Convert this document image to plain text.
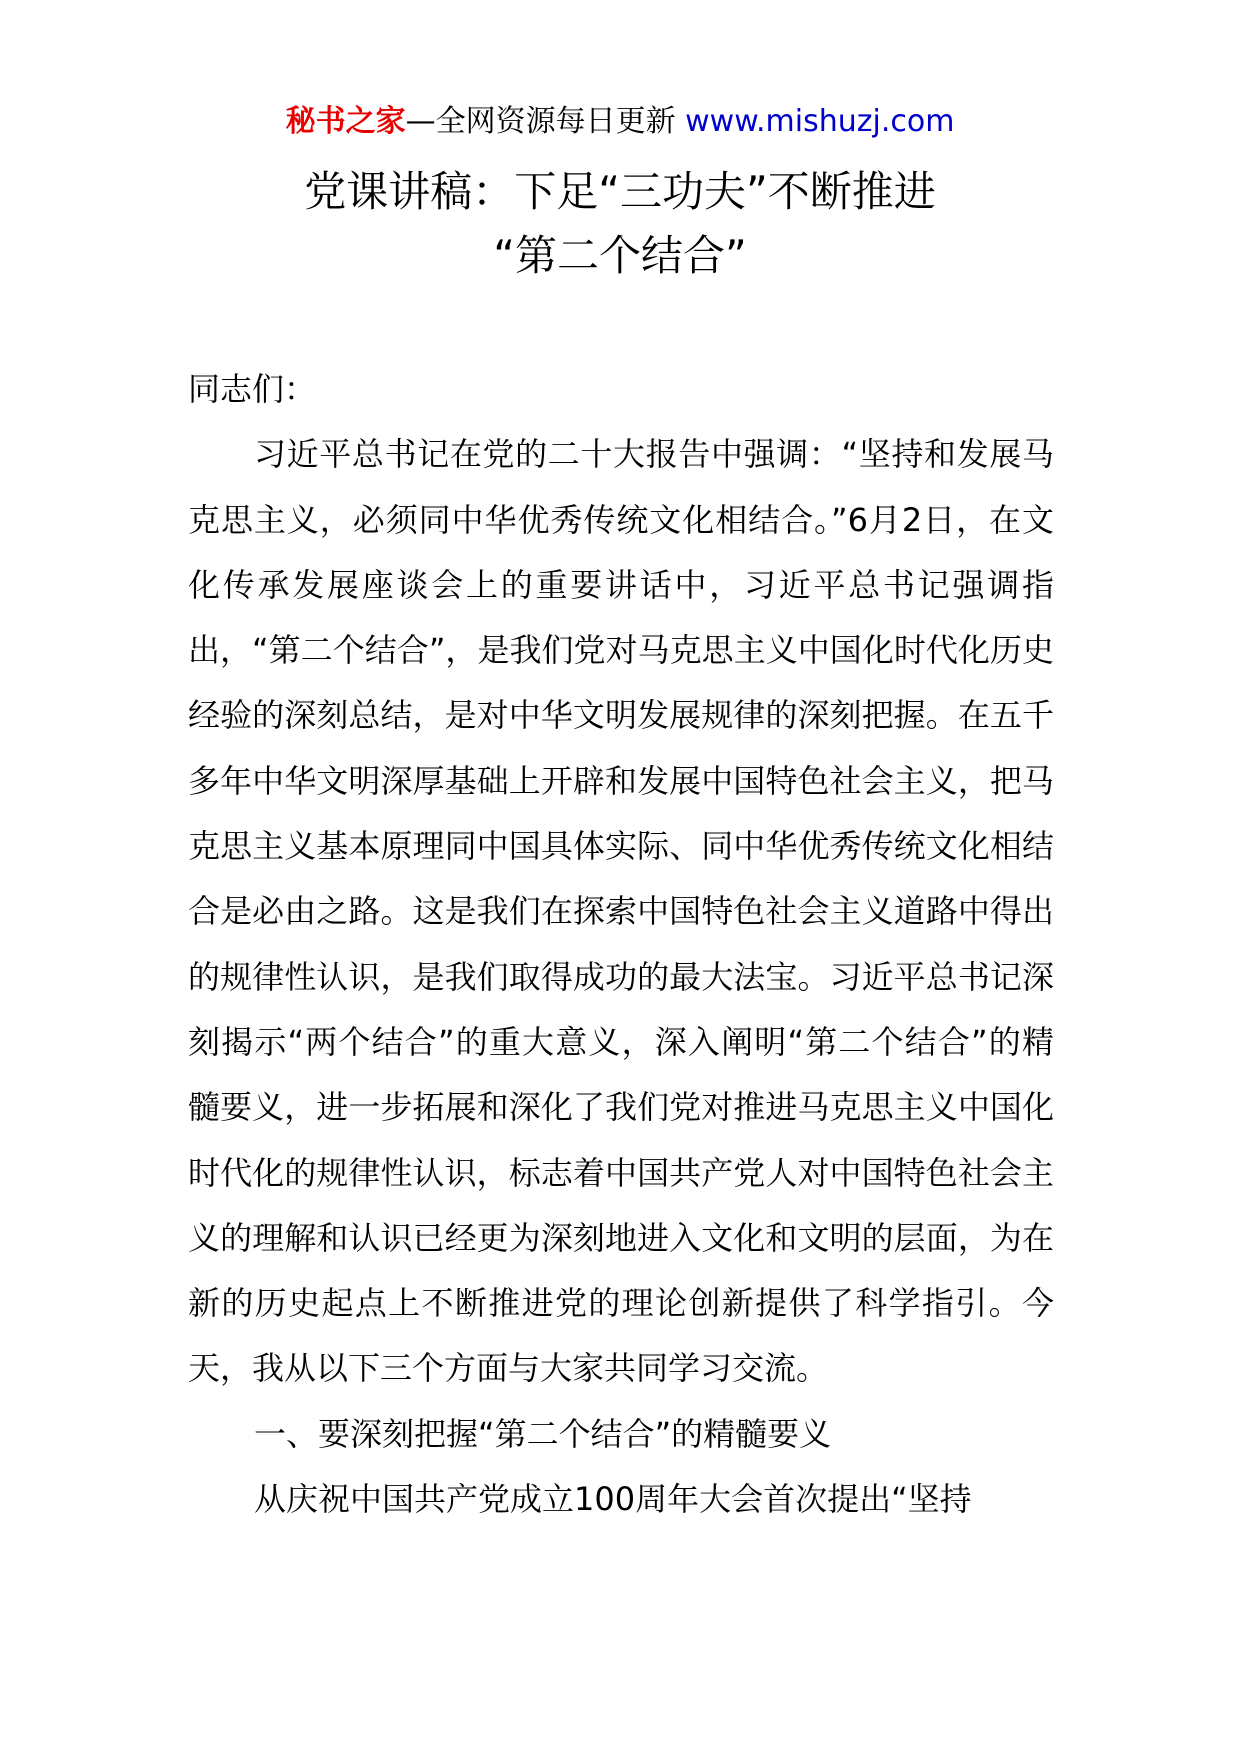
秘书之家—全网资源每日更新 www.mishuzj.com
党课讲稿：下足“三功夫”不断推进
“第二个结合”

同志们：

习近平总书记在党的二十大报告中强调：“坚持和发展马克思主义，必须同中华优秀传统文化相结合。”6月2日，在文化传承发展座谈会上的重要讲话中，习近平总书记强调指出，“第二个结合”，是我们党对马克思主义中国化时代化历史经验的深刻总结，是对中华文明发展规律的深刻把握。在五千多年中华文明深厚基础上开辟和发展中国特色社会主义，把马克思主义基本原理同中国具体实际、同中华优秀传统文化相结合是必由之路。这是我们在探索中国特色社会主义道路中得出的规律性认识，是我们取得成功的最大法宝。习近平总书记深刻揭示“两个结合”的重大意义，深入阐明“第二个结合”的精髓要义，进一步拓展和深化了我们党对推进马克思主义中国化时代化的规律性认识，标志着中国共产党人对中国特色社会主义的理解和认识已经更为深刻地进入文化和文明的层面，为在新的历史起点上不断推进党的理论创新提供了科学指引。今天，我从以下三个方面与大家共同学习交流。

一、要深刻把握“第二个结合”的精髓要义

从庆祝中国共产党成立100周年大会首次提出“坚持
